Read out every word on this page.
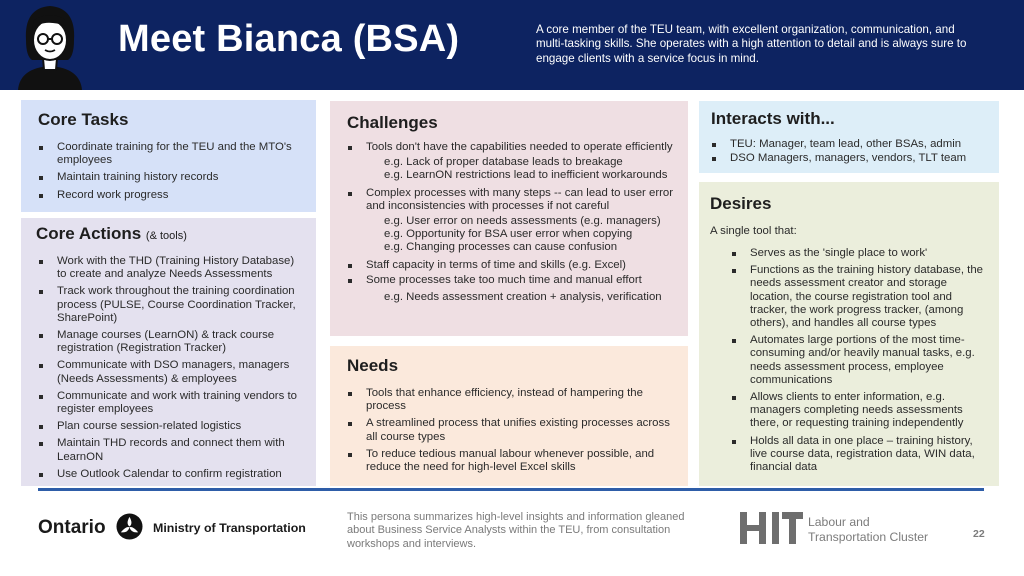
Meet Bianca (BSA)	A core member of the TEU team, with excellent organization, communication, and multi-tasking skills. She operates with a high attention to detail and is always sure to engage clients with a service focus in mind.
Core Tasks
Coordinate training for the TEU and the MTO's employees
Maintain training history records
Record work progress
Core Actions (& tools)
Work with the THD (Training History Database) to create and analyze Needs Assessments
Track work throughout the training coordination process (PULSE, Course Coordination Tracker, SharePoint)
Manage courses (LearnON) & track course registration (Registration Tracker)
Communicate with DSO managers, managers (Needs Assessments) & employees
Communicate and work with training vendors to register employees
Plan course session-related logistics
Maintain THD records and connect them with LearnON
Use Outlook Calendar to confirm registration
Challenges
Tools don't have the capabilities needed to operate efficiently
e.g. Lack of proper database leads to breakage
e.g. LearnON restrictions lead to inefficient workarounds
Complex processes with many steps -- can lead to user error and inconsistencies with processes if not careful
e.g. User error on needs assessments (e.g. managers)
e.g. Opportunity for BSA user error when copying
e.g. Changing processes can cause confusion
Staff capacity in terms of time and skills (e.g. Excel)
Some processes take too much time and manual effort
e.g. Needs assessment creation + analysis, verification
Needs
Tools that enhance efficiency, instead of hampering the process
A streamlined process that unifies existing processes across all course types
To reduce tedious manual labour whenever possible, and reduce the need for high-level Excel skills
Interacts with...
TEU: Manager, team lead, other BSAs, admin
DSO Managers, managers, vendors, TLT team
Desires
A single tool that:
Serves as the 'single place to work'
Functions as the training history database, the needs assessment creator and storage location, the course registration tool and tracker, the work progress tracker, (among others), and handles all course types
Automates large portions of the most time-consuming and/or heavily manual tasks, e.g. needs assessment process, employee communications
Allows clients to enter information, e.g. managers completing needs assessments there, or requesting training independently
Holds all data in one place – training history, live course data, registration data, WIN data, financial data
Ontario	Ministry of Transportation
This persona summarizes high-level insights and information gleaned about Business Service Analysts within the TEU, from consultation workshops and interviews.
Labour and
Transportation Cluster	22
